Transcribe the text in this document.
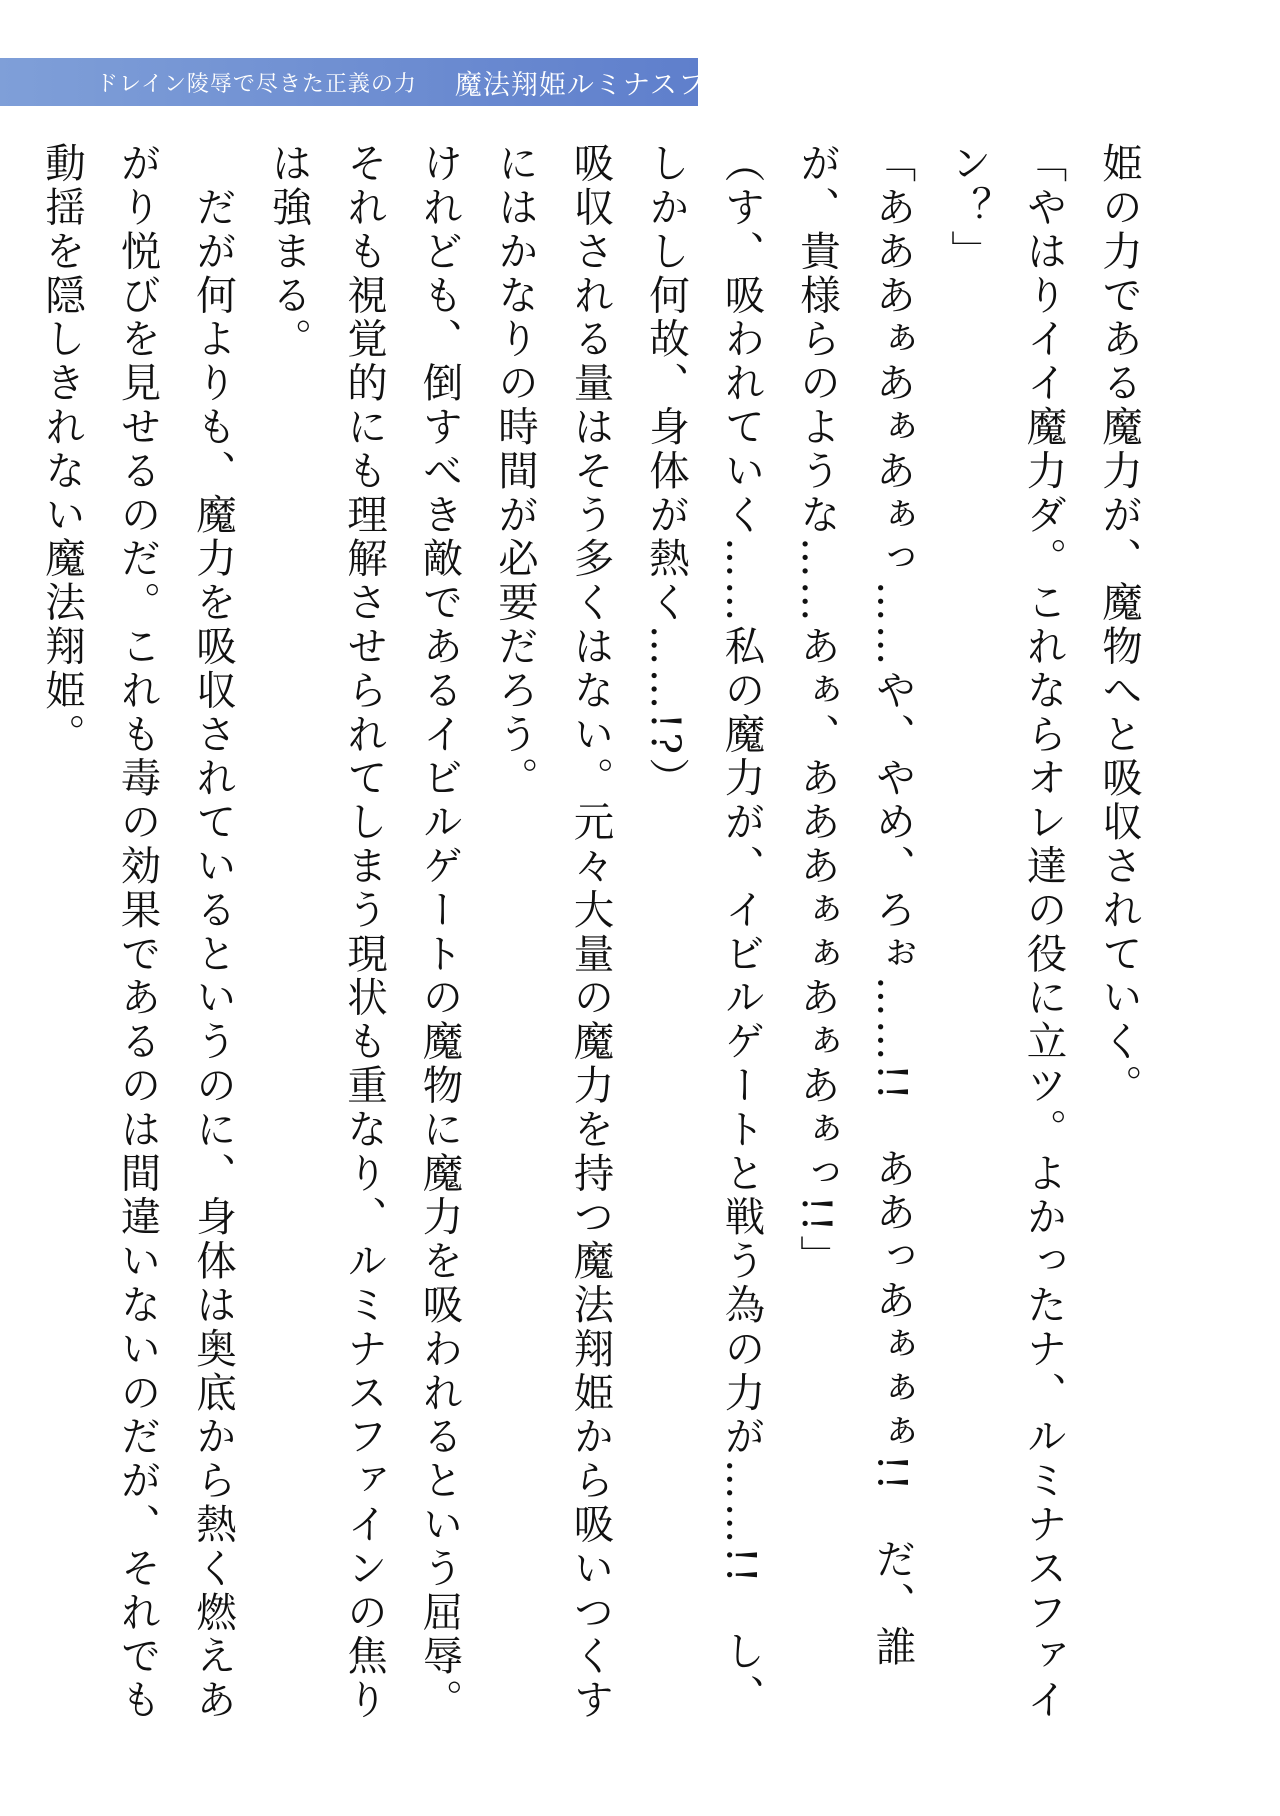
ドレイン陵辱で尽きた正義の力 魔法翔姫ルミナスファイン

姫の力である魔力が、魔物へと吸収されていく。

「やはりイイ魔力ダ。これならオレ達の役に立ツ。よかったナ、ルミナスファイン？」

「あああぁあぁあぁっ……や、やめ、ろぉ……!!　ああっあぁぁぁ!!　だ、誰が、貴様らのような……あぁ、あああぁぁあぁあぁっ!!」

（す、吸われていく……私の魔力が、イビルゲートと戦う為の力が……!!　し、しかし何故、身体が熱く……!?）

吸収される量はそう多くはない。元々大量の魔力を持つ魔法翔姫から吸いつくすにはかなりの時間が必要だろう。

けれども、倒すべき敵であるイビルゲートの魔物に魔力を吸われるという屈辱。それも視覚的にも理解させられてしまう現状も重なり、ルミナスファインの焦りは強まる。

　だが何よりも、魔力を吸収されているというのに、身体は奥底から熱く燃えあがり悦びを見せるのだ。これも毒の効果であるのは間違いないのだが、それでも動揺を隠しきれない魔法翔姫。
